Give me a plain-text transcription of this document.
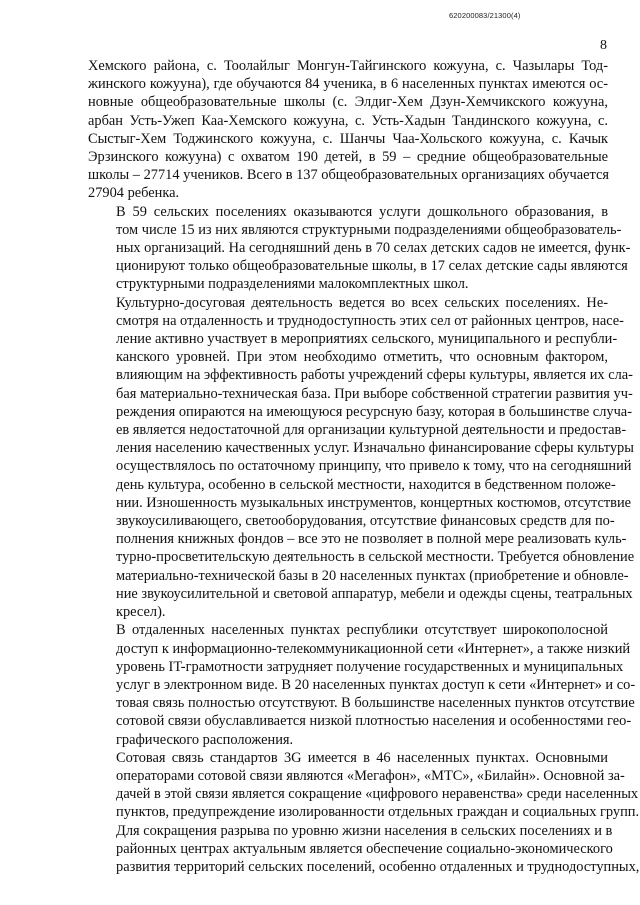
620200083/21300(4)
8

Хемского района, с. Тоолайлыг Монгун-Тайгинского кожууна, с. Чазылары Тод-
жинского кожууна), где обучаются 84 ученика, в 6 населенных пунктах имеются ос-
новные общеобразовательные школы (с. Элдиг-Хем Дзун-Хемчикского кожууна,
арбан Усть-Ужеп Каа-Хемского кожууна, с. Усть-Хадын Тандинского кожууна, с.
Сыстыг-Хем Тоджинского кожууна, с. Шанчы Чаа-Хольского кожууна, с. Качык
Эрзинского кожууна) с охватом 190 детей, в 59 – средние общеобразовательные
школы – 27714 учеников. Всего в 137 общеобразовательных организациях обучается
27904 ребенка.

В 59 сельских поселениях оказываются услуги дошкольного образования, в
том числе 15 из них являются структурными подразделениями общеобразователь-
ных организаций. На сегодняшний день в 70 селах детских садов не имеется, функ-
ционируют только общеобразовательные школы, в 17 селах детские сады являются
структурными подразделениями малокомплектных школ.

Культурно-досуговая деятельность ведется во всех сельских поселениях. Не-
смотря на отдаленность и труднодоступность этих сел от районных центров, насе-
ление активно участвует в мероприятиях сельского, муниципального и республи-
канского уровней. При этом необходимо отметить, что основным фактором,
влияющим на эффективность работы учреждений сферы культуры, является их сла-
бая материально-техническая база. При выборе собственной стратегии развития уч-
реждения опираются на имеющуюся ресурсную базу, которая в большинстве случа-
ев является недостаточной для организации культурной деятельности и предостав-
ления населению качественных услуг. Изначально финансирование сферы культуры
осуществлялось по остаточному принципу, что привело к тому, что на сегодняшний
день культура, особенно в сельской местности, находится в бедственном положе-
нии. Изношенность музыкальных инструментов, концертных костюмов, отсутствие
звукоусиливающего, светооборудования, отсутствие финансовых средств для по-
полнения книжных фондов – все это не позволяет в полной мере реализовать куль-
турно-просветительскую деятельность в сельской местности. Требуется обновление
материально-технической базы в 20 населенных пунктах (приобретение и обновле-
ние звукоусилительной и световой аппаратур, мебели и одежды сцены, театральных
кресел).

В отдаленных населенных пунктах республики отсутствует широкополосной
доступ к информационно-телекоммуникационной сети «Интернет», а также низкий
уровень IT-грамотности затрудняет получение государственных и муниципальных
услуг в электронном виде. В 20 населенных пунктах доступ к сети «Интернет» и со-
товая связь полностью отсутствуют. В большинстве населенных пунктов отсутствие
сотовой связи обуславливается низкой плотностью населения и особенностями гео-
графического расположения.

Сотовая связь стандартов 3G имеется в 46 населенных пунктах. Основными
операторами сотовой связи являются «Мегафон», «МТС», «Билайн». Основной за-
дачей в этой связи является сокращение «цифрового неравенства» среди населенных
пунктов, предупреждение изолированности отдельных граждан и социальных групп.
Для сокращения разрыва по уровню жизни населения в сельских поселениях и в
районных центрах актуальным является обеспечение социально-экономического
развития территорий сельских поселений, особенно отдаленных и труднодоступных,
